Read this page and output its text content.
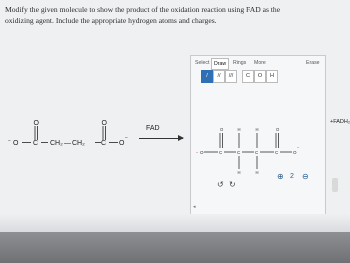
Modify the given molecule to show the product of the oxidation reaction using FAD as the oxidizing agent. Include the appropriate hydrogen atoms and charges.

O	O
− O C CH₂ — CH₂ C O
−
FAD
Select Draw	Rings	More	Erase
/	//	///	C	O	H
− O	C	C	C	C	O
−
O	H	H	O
H	H
↺ ↻
⊕ 2 ⊖
◂
+FADH₂
